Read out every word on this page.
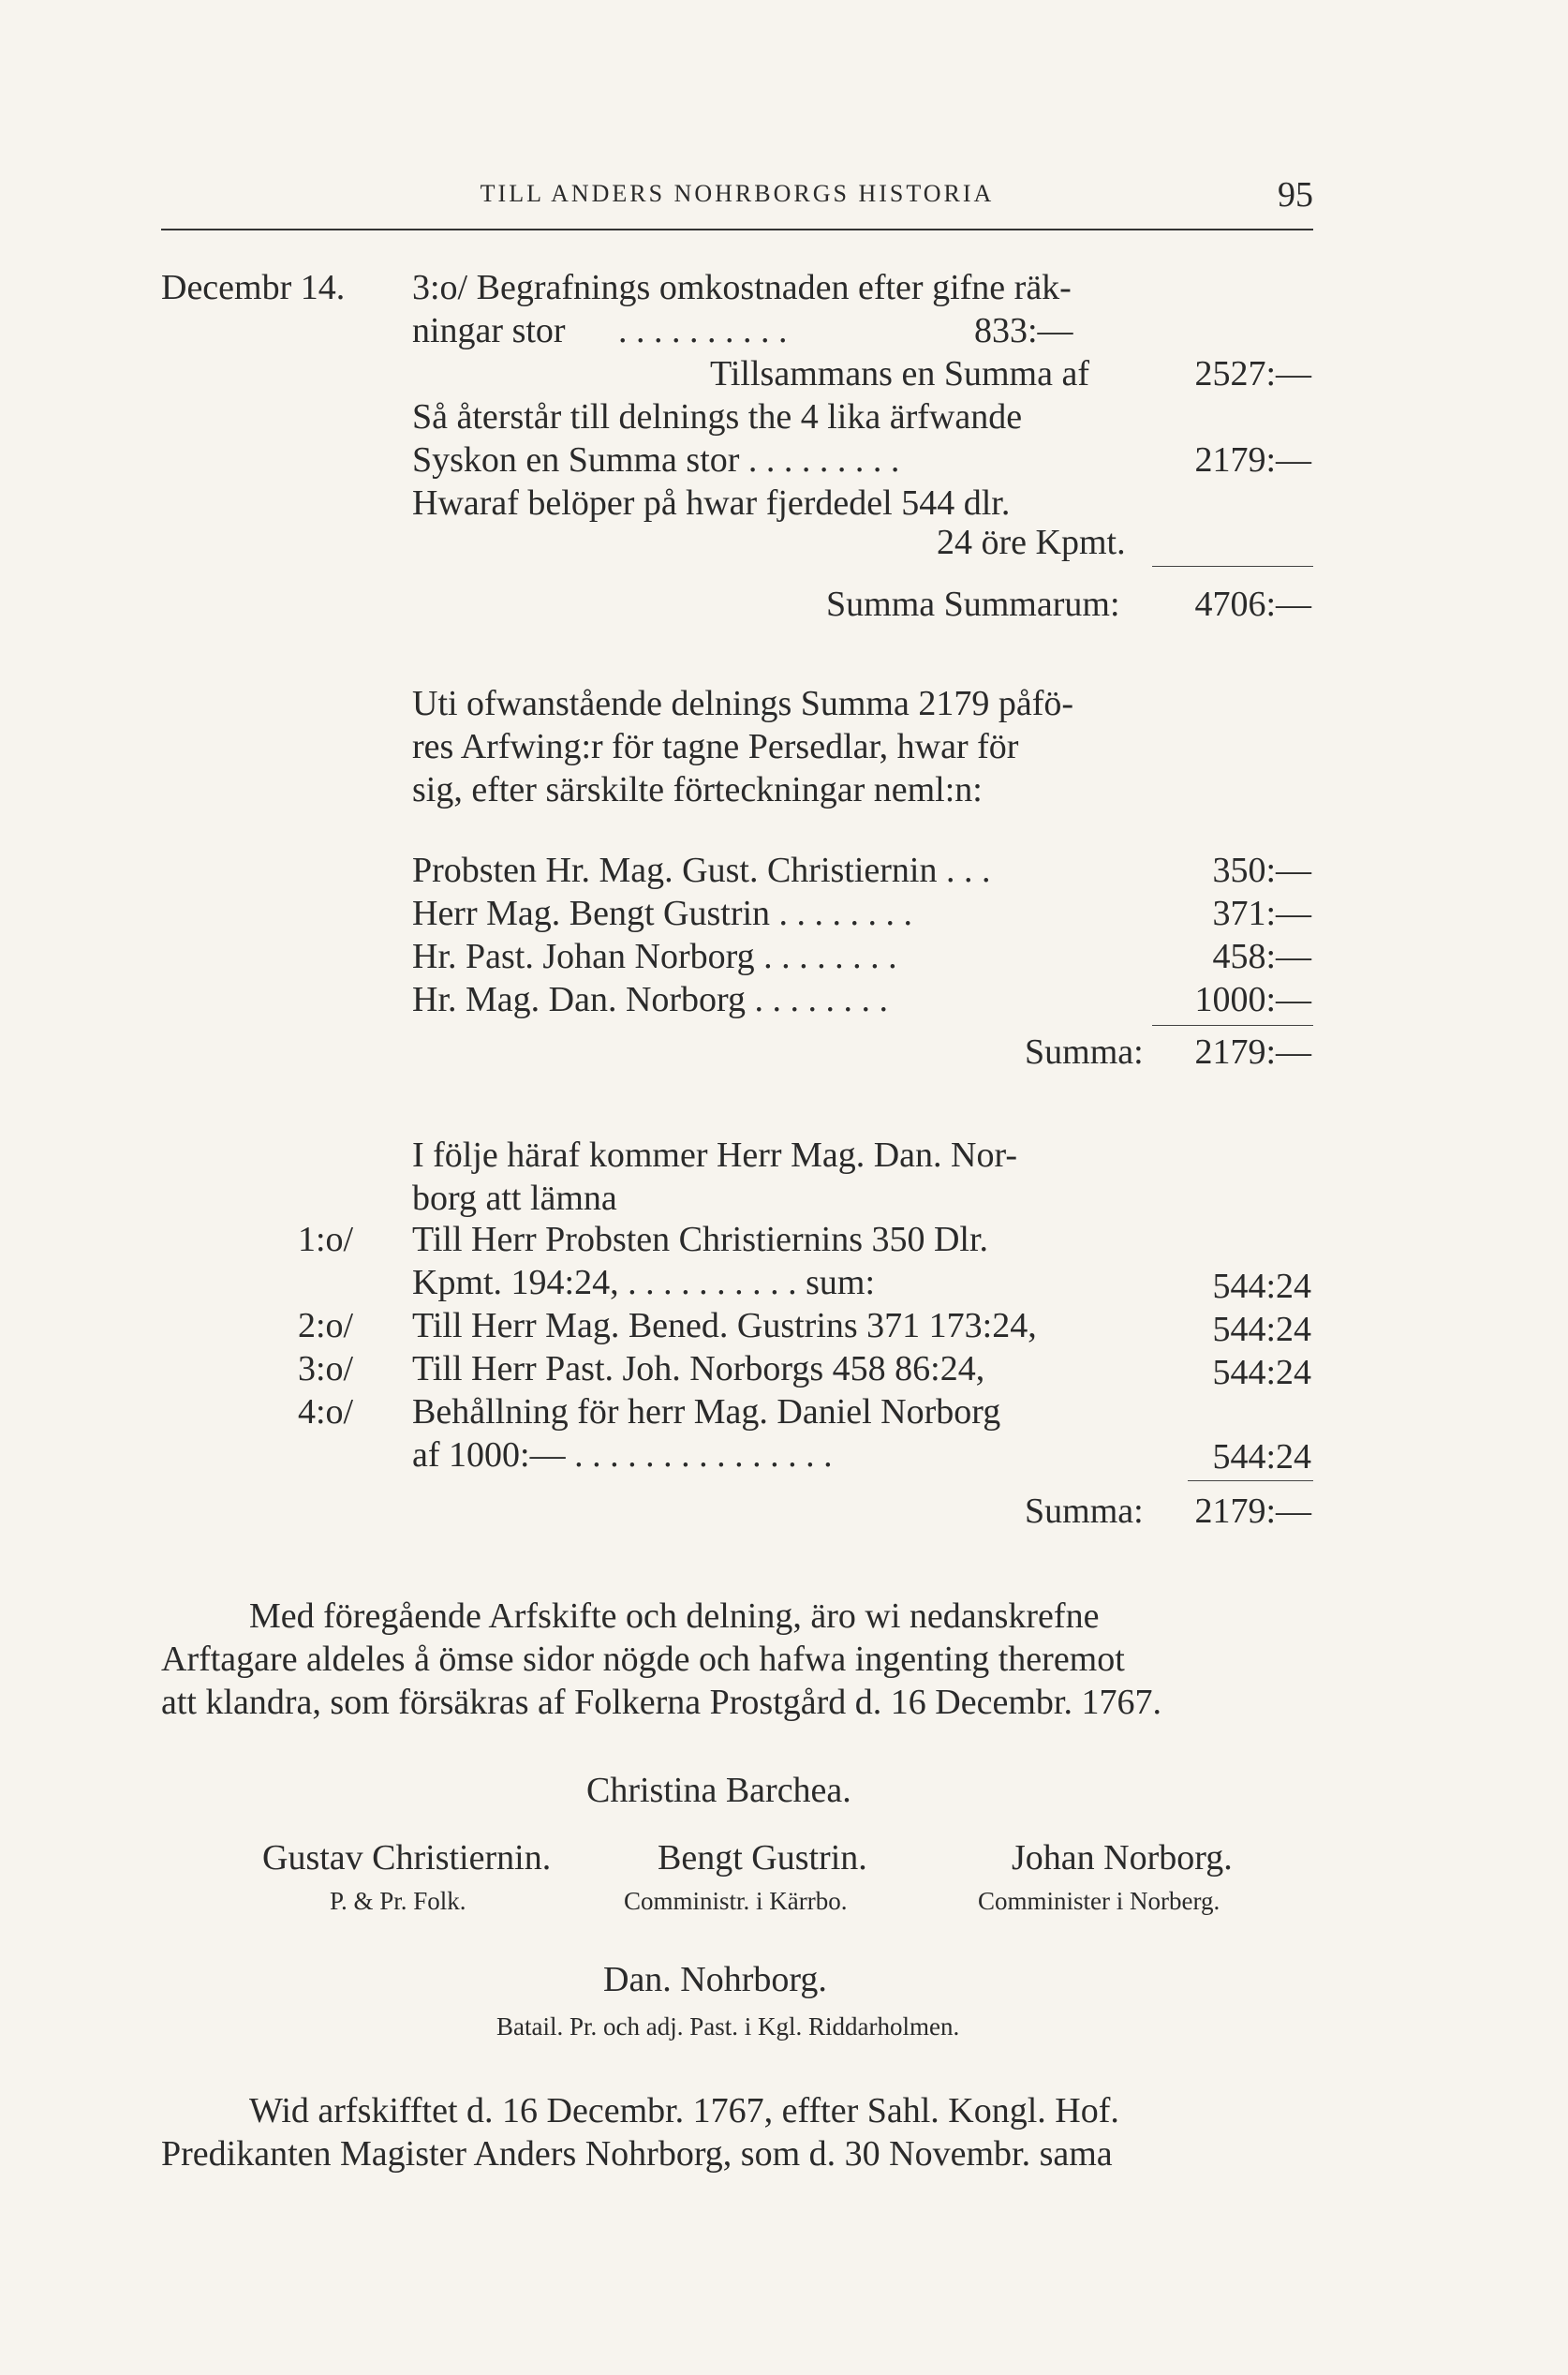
TILL ANDERS NOHRBORGS HISTORIA	95
Decembr 14. 3:o/ Begrafnings omkostnaden efter gifne räk-
ningar stor . . . . . . . . . .	833:—
Tillsammans en Summa af	2527:—
Så återstår till delnings the 4 lika ärfwande
Syskon en Summa stor . . . . . . . . .	2179:—
Hwaraf belöper på hwar fjerdedel 544 dlr.
24 öre Kpmt.
Summa Summarum:	4706:—
Uti ofwanstående delnings Summa 2179 påfö-
res Arfwing:r för tagne Persedlar, hwar för
sig, efter särskilte förteckningar neml:n:
Probsten Hr. Mag. Gust. Christiernin . . .	350:—
Herr Mag. Bengt Gustrin . . . . . . . .	371:—
Hr. Past. Johan Norborg . . . . . . . .	458:—
Hr. Mag. Dan. Norborg . . . . . . . .	1000:—
Summa:	2179:—
I följe häraf kommer Herr Mag. Dan. Nor-
borg att lämna
1:o/ Till Herr Probsten Christiernins 350 Dlr.
Kpmt. 194:24, . . . . . . . . . . sum:	544:24
2:o/ Till Herr Mag. Bened. Gustrins 371 173:24,	544:24
3:o/ Till Herr Past. Joh. Norborgs 458 86:24,	544:24
4:o/ Behållning för herr Mag. Daniel Norborg
af 1000:— . . . . . . . . . . . . . . .	544:24
Summa:	2179:—
Med föregående Arfskifte och delning, äro wi nedanskrefne
Arftagare aldeles å ömse sidor nögde och hafwa ingenting theremot
att klandra, som försäkras af Folkerna Prostgård d. 16 Decembr. 1767.
Christina Barchea.
Gustav Christiernin.
P. & Pr. Folk.
Bengt Gustrin.
Comministr. i Kärrbo.
Johan Norborg.
Comminister i Norberg.
Dan. Nohrborg.
Batail. Pr. och adj. Past. i Kgl. Riddarholmen.
Wid arfskifftet d. 16 Decembr. 1767, effter Sahl. Kongl. Hof.
Predikanten Magister Anders Nohrborg, som d. 30 Novembr. sama
